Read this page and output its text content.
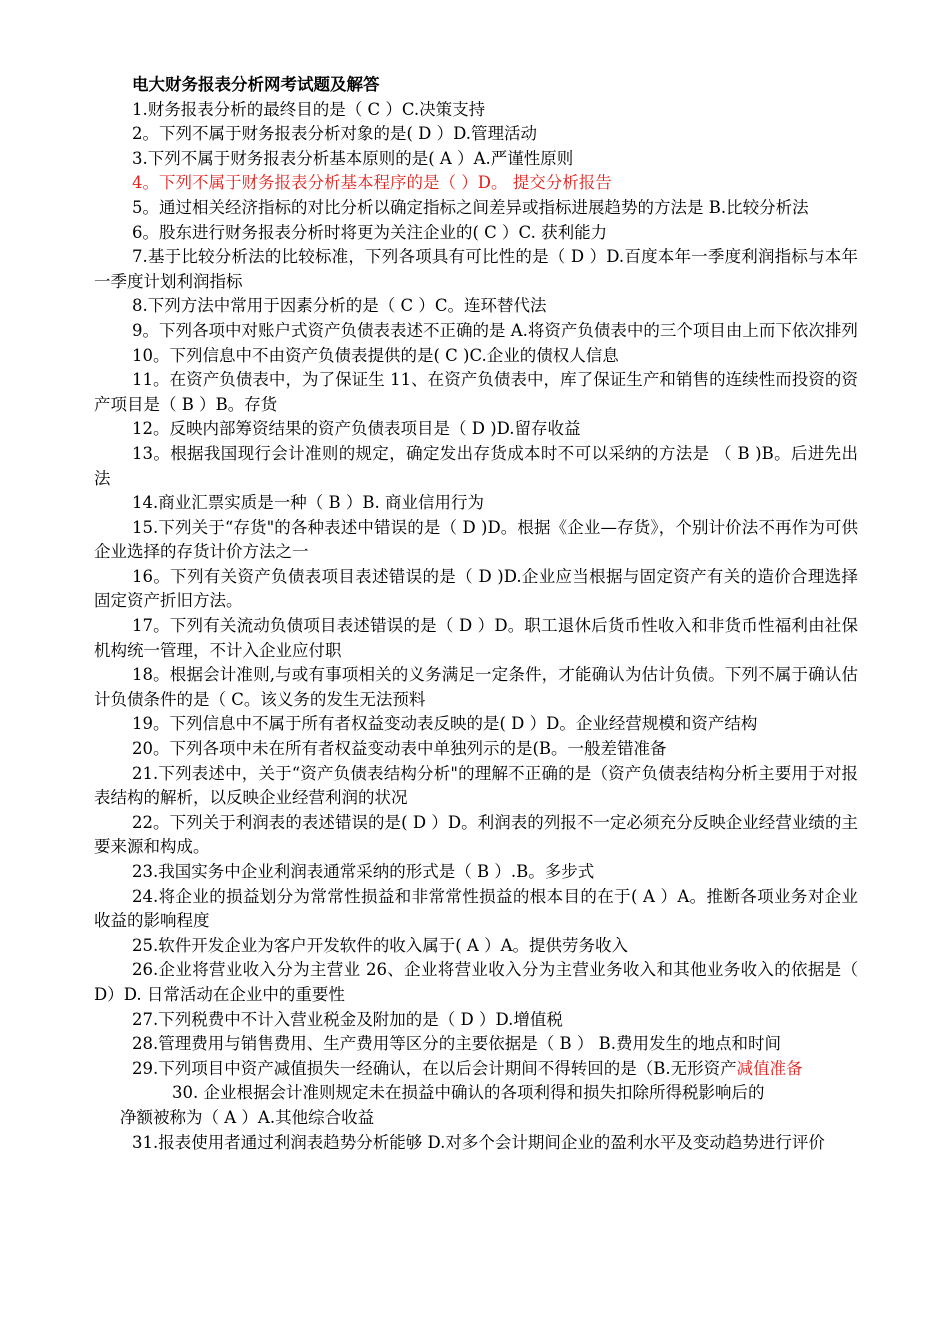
电大财务报表分析网考试题及解答

1.财务报表分析的最终目的是（ C ）C.决策支持

2。下列不属于财务报表分析对象的是( D ）D.管理活动

3.下列不属于财务报表分析基本原则的是( A ）A.严谨性原则

4。下列不属于财务报表分析基本程序的是（ ）D。 提交分析报告

5。通过相关经济指标的对比分析以确定指标之间差异或指标进展趋势的方法是 B.比较分析法

6。股东进行财务报表分析时将更为关注企业的( C ）C. 获利能力

7.基于比较分析法的比较标准，下列各项具有可比性的是（ D ）D.百度本年一季度利润指标与本年一季度计划利润指标

8.下列方法中常用于因素分析的是（ C ）C。连环替代法

9。下列各项中对账户式资产负债表表述不正确的是 A.将资产负债表中的三个项目由上而下依次排列

10。下列信息中不由资产负债表提供的是( C )C.企业的债权人信息

11。在资产负债表中，为了保证生 11、在资产负债表中，库了保证生产和销售的连续性而投资的资产项目是（ B ）B。存货

12。反映内部筹资结果的资产负债表项目是（ D )D.留存收益

13。根据我国现行会计准则的规定，确定发出存货成本时不可以采纳的方法是 （ B )B。后进先出法

14.商业汇票实质是一种（ B ）B. 商业信用行为

15.下列关于“存货"的各种表述中错误的是（ D )D。根据《企业—存货》，个别计价法不再作为可供企业选择的存货计价方法之一

16。下列有关资产负债表项目表述错误的是（ D )D.企业应当根据与固定资产有关的造价合理选择固定资产折旧方法。

17。下列有关流动负债项目表述错误的是（ D ）D。职工退休后货币性收入和非货币性福利由社保机构统一管理，不计入企业应付职

18。根据会计准则,与或有事项相关的义务满足一定条件，才能确认为估计负债。下列不属于确认估计负债条件的是（ C。该义务的发生无法预料

19。下列信息中不属于所有者权益变动表反映的是( D ）D。企业经营规模和资产结构

20。下列各项中未在所有者权益变动表中单独列示的是(B。一般差错准备

21.下列表述中，关于“资产负债表结构分析"的理解不正确的是（资产负债表结构分析主要用于对报表结构的解析，以反映企业经营利润的状况

22。下列关于利润表的表述错误的是( D ）D。利润表的列报不一定必须充分反映企业经营业绩的主要来源和构成。

23.我国实务中企业利润表通常采纳的形式是（ B ）.B。多步式

24.将企业的损益划分为常常性损益和非常常性损益的根本目的在于( A ）A。推断各项业务对企业收益的影响程度

25.软件开发企业为客户开发软件的收入属于( A ）A。提供劳务收入

26.企业将营业收入分为主营业 26、企业将营业收入分为主营业务收入和其他业务收入的依据是（ D）D. 日常活动在企业中的重要性

27.下列税费中不计入营业税金及附加的是（ D ）D.增值税

28.管理费用与销售费用、生产费用等区分的主要依据是（ B ） B.费用发生的地点和时间

29.下列项目中资产减值损失一经确认，在以后会计期间不得转回的是（B.无形资产减值准备

30. 企业根据会计准则规定未在损益中确认的各项利得和损失扣除所得税影响后的
净额被称为（ A ）A.其他综合收益

31.报表使用者通过利润表趋势分析能够 D.对多个会计期间企业的盈利水平及变动趋势进行评价
